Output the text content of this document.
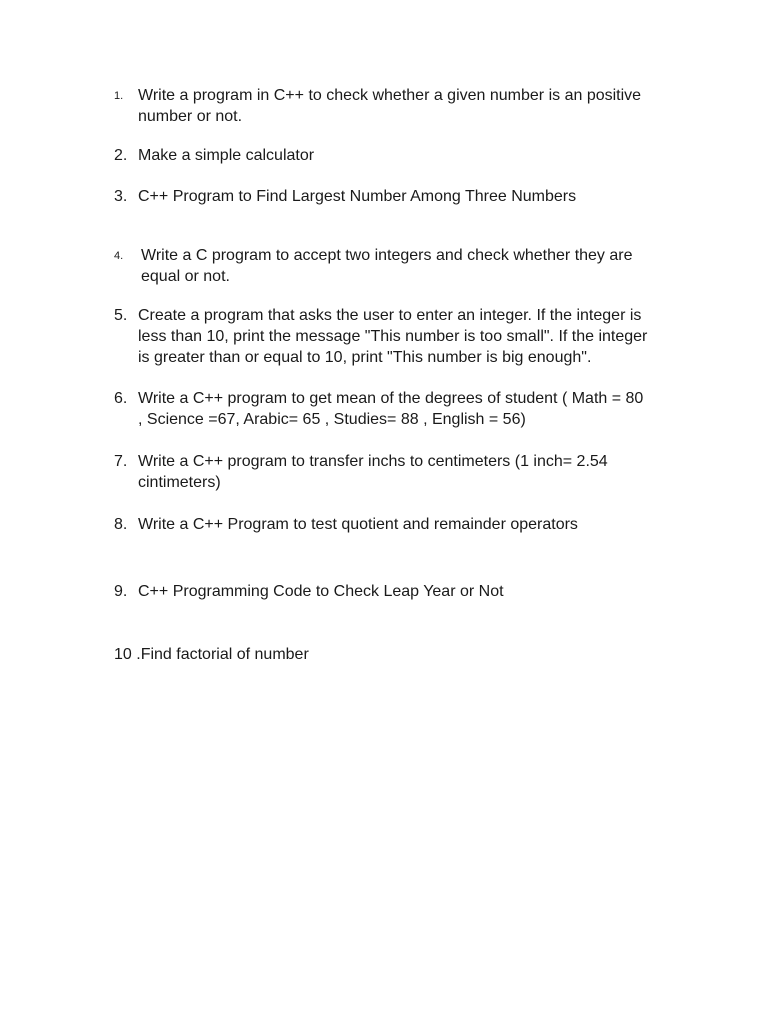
1. Write a program in C++ to check whether a given number is an positive
number or not.
2. Make a simple calculator
3. C++ Program to Find Largest Number Among Three Numbers
4. Write a C program to accept two integers and check whether they are
equal or not.
5. Create a program that asks the user to enter an integer. If the integer is
less than 10, print the message "This number is too small". If the integer
is greater than or equal to 10, print "This number is big enough".
6. Write a C++ program to get mean of the degrees of student ( Math = 80
, Science =67, Arabic= 65 , Studies= 88 , English = 56)
7. Write a C++ program to transfer inchs to centimeters (1 inch= 2.54
cintimeters)
8. Write a C++ Program to test quotient and remainder operators
9. C++ Programming Code to Check Leap Year or Not
10 .Find factorial of number
